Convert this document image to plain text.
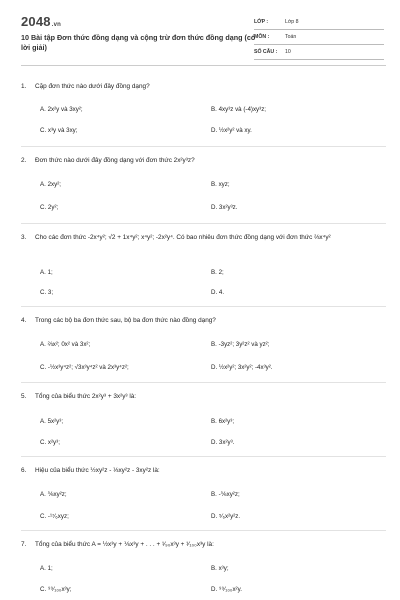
2048.vn
10 Bài tập Đơn thức đồng dạng và cộng trừ đơn thức đồng dạng (có lời giải)
LỚP :	Lớp 8
MÔN :	Toán
SỐ CÂU : 10
1. Cặp đơn thức nào dưới đây đồng dạng?
A. 2x²y và 3xy²;	B. 4xy³z và (-4)xy³z;
C. x³y và 3xy;	D. ½x²y² và xy.
2. Đơn thức nào dưới đây đồng dạng với đơn thức 2x²y³z?
A. 2xy²;	B. xyz;
C. 2y²;	D. 3x²y³z.
3. Cho các đơn thức -2x⁴y²; √2 + 1x⁴y²; x⁴y²; -2x²y⁴. Có bao nhiêu đơn thức đồng dạng với đơn thức ⅔x⁴y²
A. 1;	B. 2;
C. 3;	D. 4.
4. Trong các bộ ba đơn thức sau, bộ ba đơn thức nào đồng dạng?
A. ⅔x²; 0x² và 3x²;	B. -3yz²; 3y²z² và yz²;
C. -½x³y⁴z²; √3x³y⁴z² và 2x³y⁴z²;	D. ½x²y²; 3x²y²; -4x³y².
5. Tổng của biểu thức 2x²y³ + 3x²y³ là:
A. 5x²y³;	B. 6x²y³;
C. x²y³;	D. 3x²y³.
6. Hiệu của biểu thức ½xy²z - ⅓xy²z - 3xy²z là:
A. ⅚xy²z;	B. -⅚xy²z;
C. -¹⁷⁄₆xyz;	D. ⁵⁄₆x²y²z.
7. Tổng của biểu thức A = ½x³y + ⅙x³y + . . . + ¹⁄₉₀x³y + ¹⁄₁₀₀x³y là:
A. 1;	B. x³y;
C. ⁹⁹⁄₁₀₀x³y;	D. ⁹⁹⁄₁₀₀x²y.
